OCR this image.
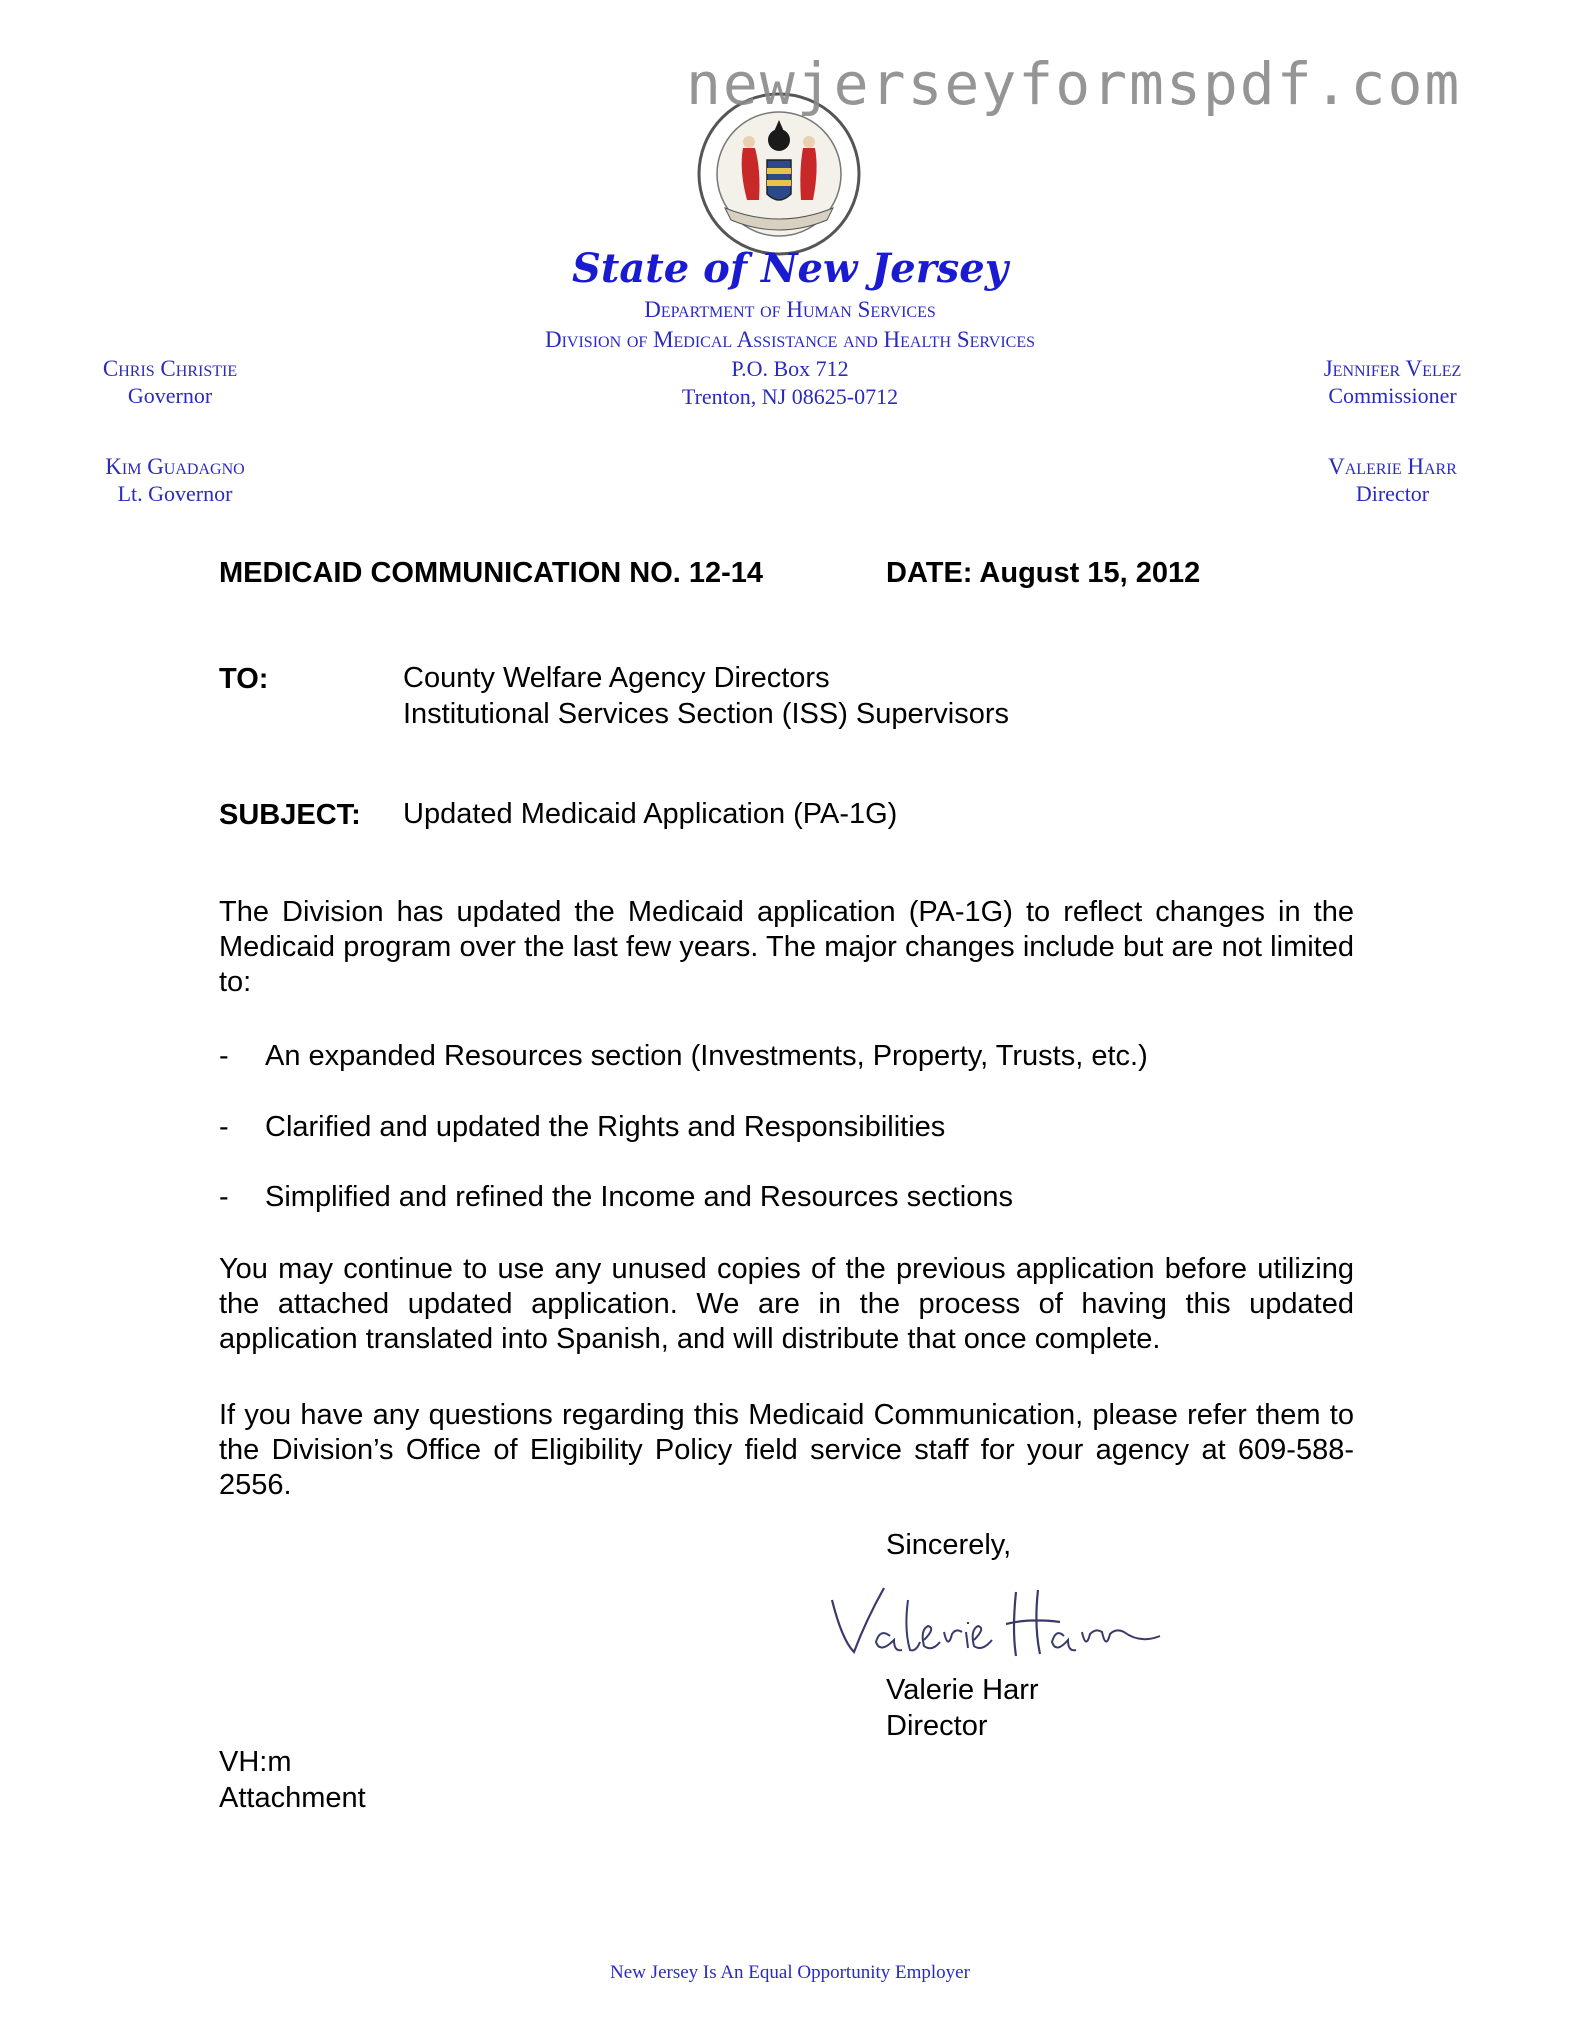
newjerseyformspdf.com
State of New Jersey
Department of Human Services
Division of Medical Assistance and Health Services
P.O. Box 712
Trenton, NJ 08625-0712
Chris Christie
Governor
Kim Guadagno
Lt. Governor
Jennifer Velez
Commissioner
Valerie Harr
Director
MEDICAID COMMUNICATION NO. 12-14	DATE: August 15, 2012
TO:	County Welfare Agency Directors
Institutional Services Section (ISS) Supervisors
SUBJECT: Updated Medicaid Application (PA-1G)
The Division has updated the Medicaid application (PA-1G) to reflect changes in the Medicaid program over the last few years. The major changes include but are not limited to:
- An expanded Resources section (Investments, Property, Trusts, etc.)
- Clarified and updated the Rights and Responsibilities
- Simplified and refined the Income and Resources sections
You may continue to use any unused copies of the previous application before utilizing the attached updated application. We are in the process of having this updated application translated into Spanish, and will distribute that once complete.
If you have any questions regarding this Medicaid Communication, please refer them to the Division’s Office of Eligibility Policy field service staff for your agency at 609-588-2556.
Sincerely,
Valerie Harr
Director
VH:m
Attachment
New Jersey Is An Equal Opportunity Employer
